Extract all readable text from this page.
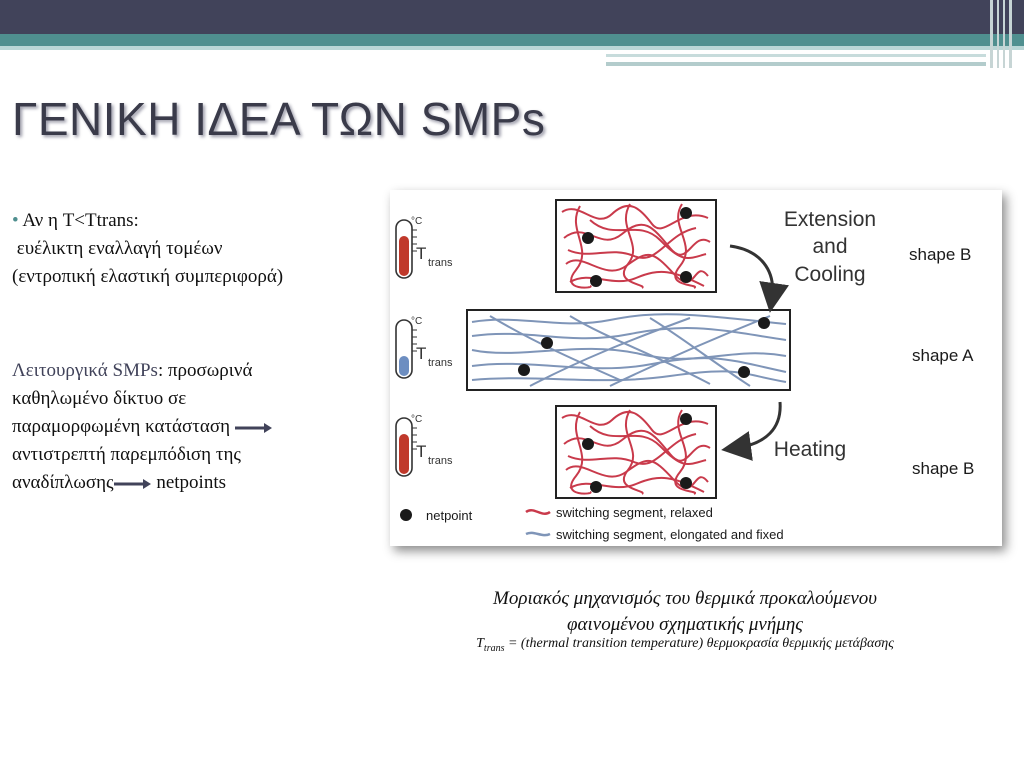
ΓΕΝΙΚΗ ΙΔΕΑ ΤΩΝ SMPs
• Αν η T<Ttrans:
ευέλικτη εναλλαγή τομέων
(εντροπική ελαστική συμπεριφορά)
Λειτουργικά SMPs: προσωρινά
καθηλωμένο δίκτυο σε
παραμορφωμένη κατάσταση
αντιστρεπτή παρεμπόδιση της
αναδίπλωσης netpoints
°C
T trans
°C
T trans
°C
T trans
Extension
and
Cooling
Heating
shape B
shape A
shape B
netpoint	switching segment, relaxed
switching segment, elongated and fixed
Μοριακός μηχανισμός του θερμικά προκαλούμενου
φαινομένου σχηματικής μνήμης
$T_{trans}$ = (thermal transition temperature) θερμοκρασία θερμικής μετάβασης
